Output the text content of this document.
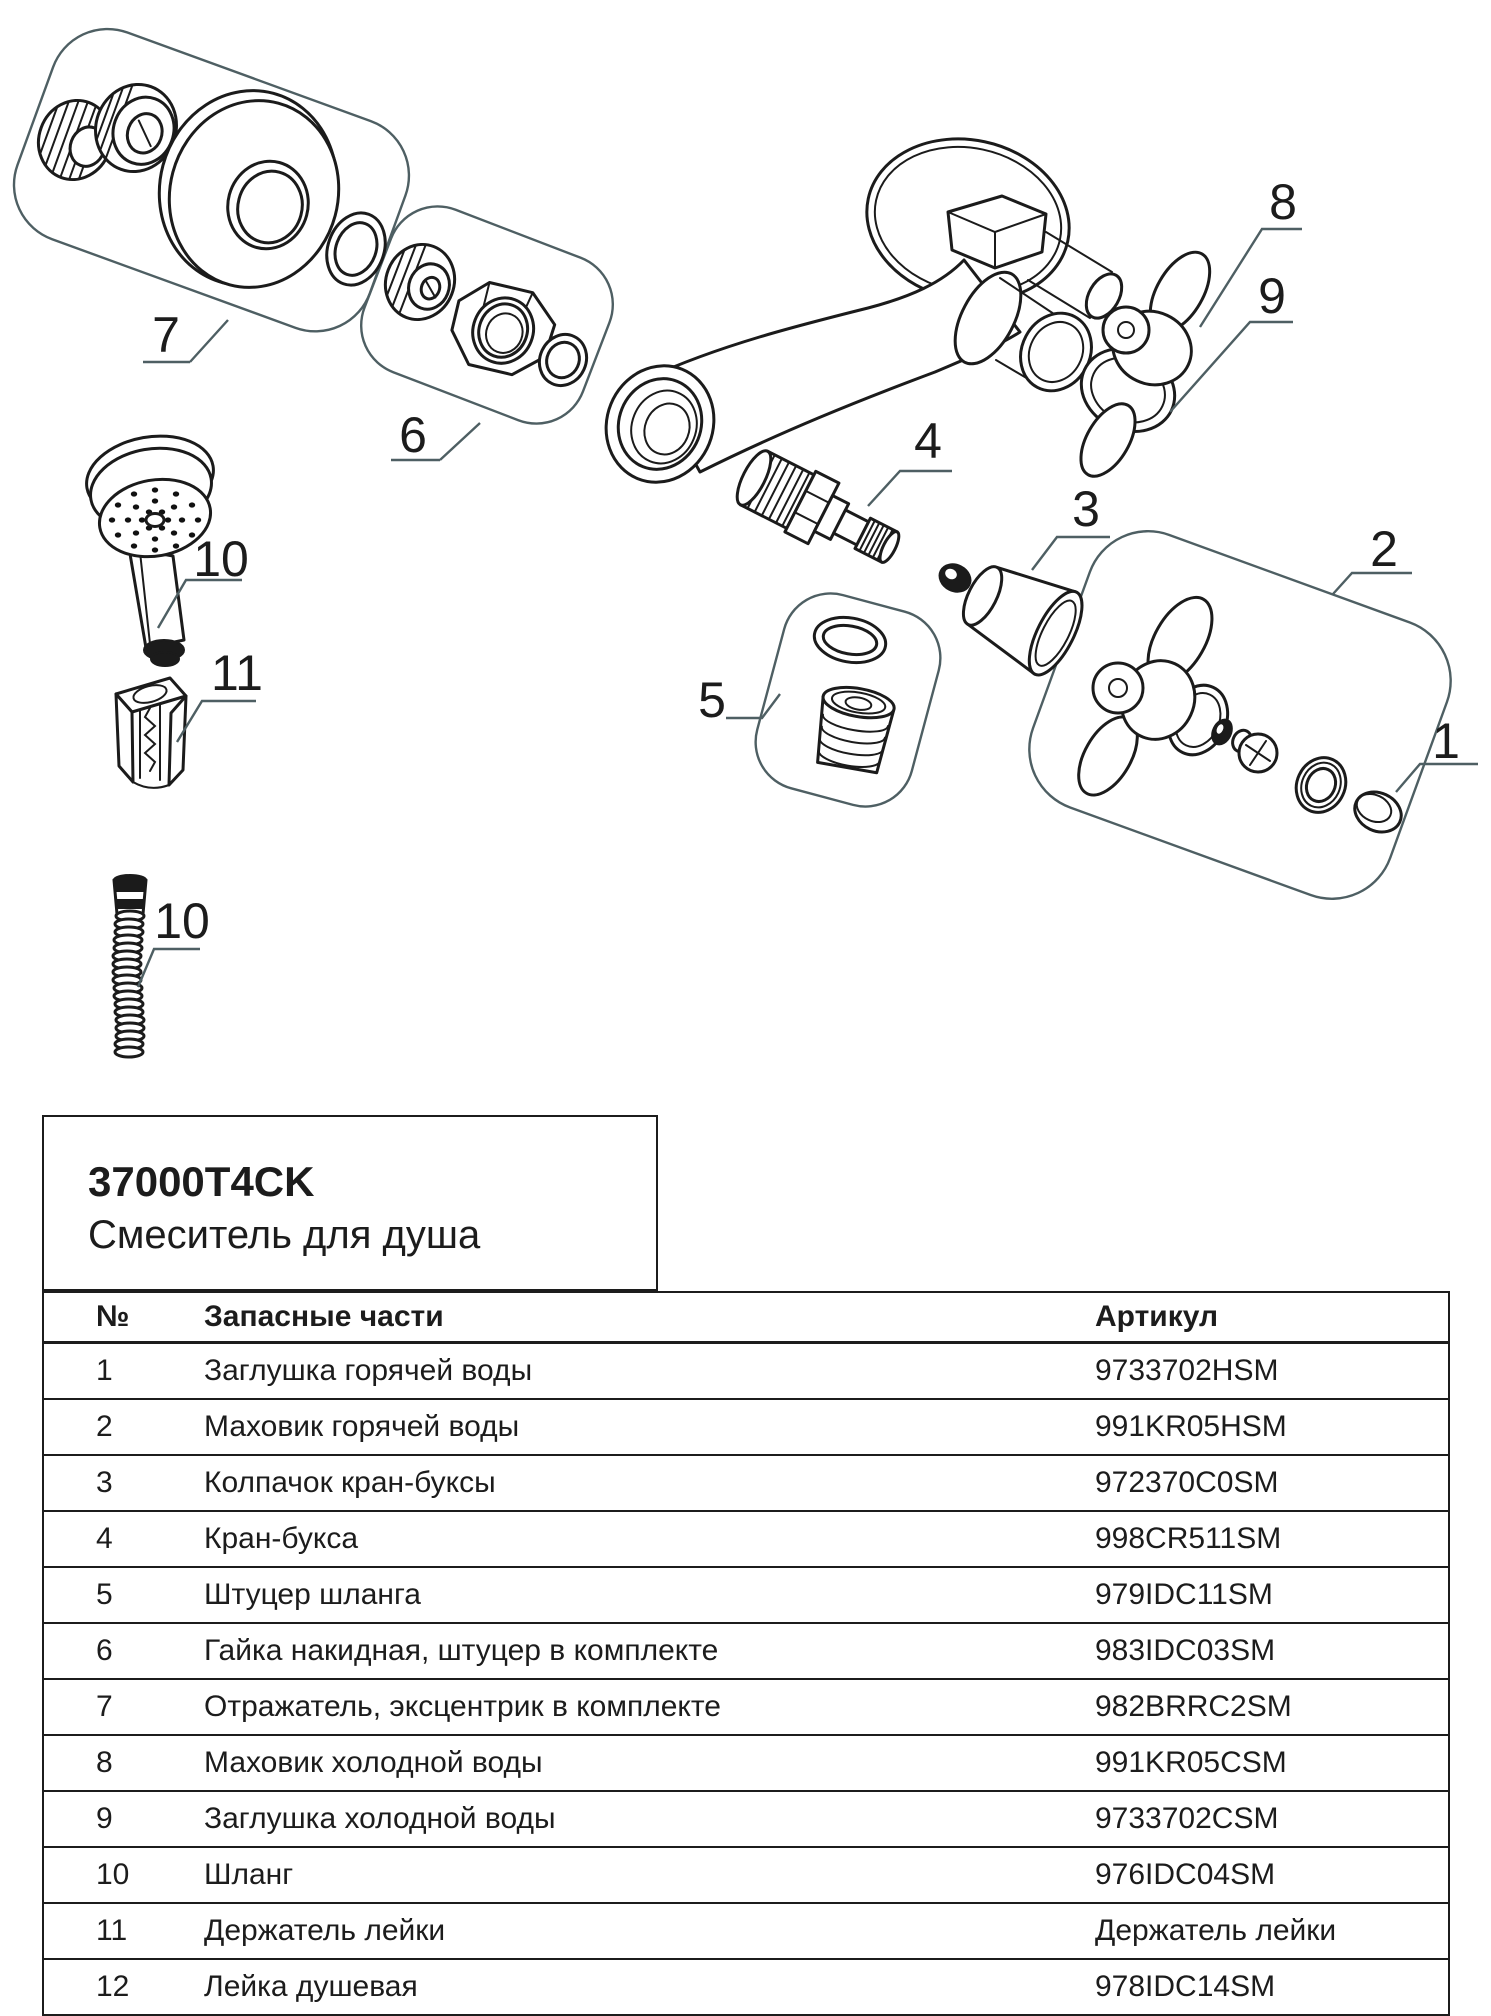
7
6
8
9
4
3
2
1
5
10
11
10
37000T4CK
Смеситель для душа
№	Запасные части	Артикул
1	Заглушка горячей воды	9733702HSM
2	Маховик горячей воды	991KR05HSM
3	Колпачок кран-буксы	972370C0SM
4	Кран-букса	998CR511SM
5	Штуцер шланга	979IDC11SM
6	Гайка накидная, штуцер в комплекте	983IDC03SM
7	Отражатель, эксцентрик в комплекте	982BRRC2SM
8	Маховик холодной воды	991KR05CSM
9	Заглушка холодной воды	9733702CSM
10	Шланг	976IDC04SM
11	Держатель лейки	Держатель лейки
12	Лейка душевая	978IDC14SM
